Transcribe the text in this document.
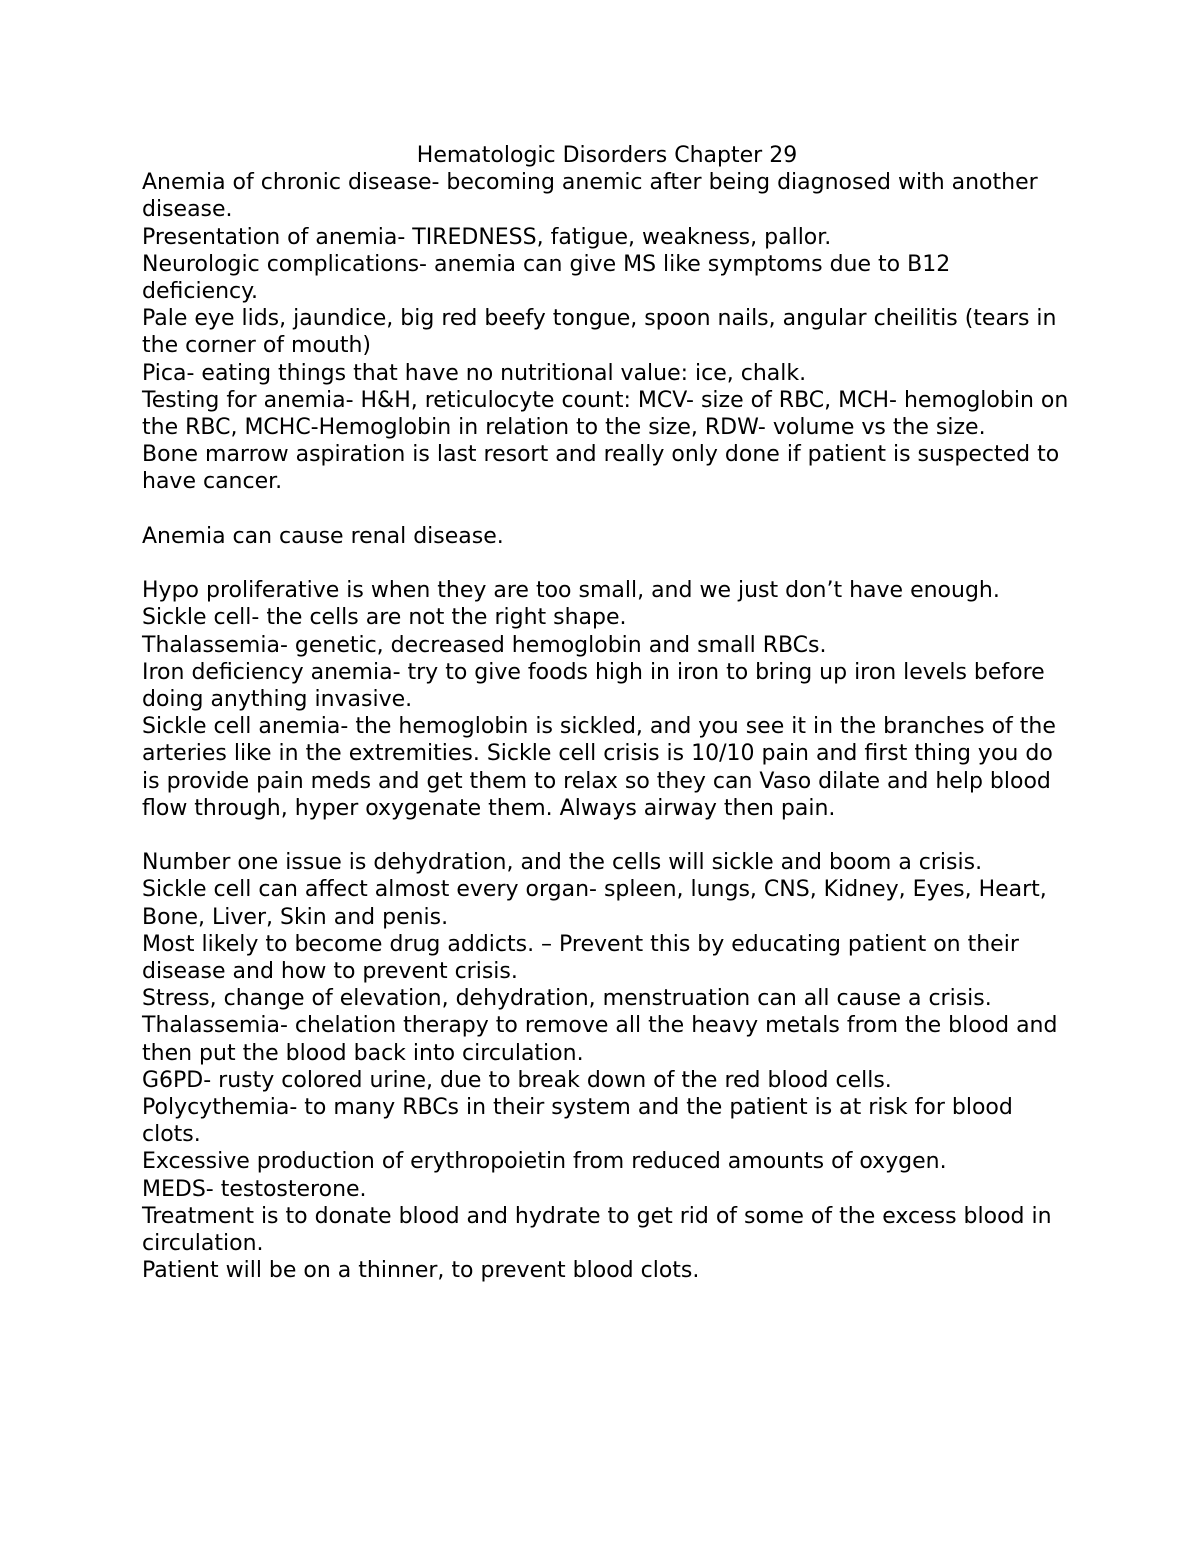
Hematologic Disorders Chapter 29

Anemia of chronic disease- becoming anemic after being diagnosed with another disease.

Presentation of anemia- TIREDNESS, fatigue, weakness, pallor.

Neurologic complications- anemia can give MS like symptoms due to B12 deficiency.

Pale eye lids, jaundice, big red beefy tongue, spoon nails, angular cheilitis (tears in the corner of mouth)

Pica- eating things that have no nutritional value: ice, chalk.

Testing for anemia- H&H, reticulocyte count: MCV- size of RBC, MCH- hemoglobin on the RBC, MCHC-Hemoglobin in relation to the size, RDW- volume vs the size.

Bone marrow aspiration is last resort and really only done if patient is suspected to have cancer.

Anemia can cause renal disease.

Hypo proliferative is when they are too small, and we just don’t have enough.

Sickle cell- the cells are not the right shape.

Thalassemia- genetic, decreased hemoglobin and small RBCs.

Iron deficiency anemia- try to give foods high in iron to bring up iron levels before doing anything invasive.

Sickle cell anemia- the hemoglobin is sickled, and you see it in the branches of the arteries like in the extremities. Sickle cell crisis is 10/10 pain and first thing you do is provide pain meds and get them to relax so they can Vaso dilate and help blood flow through, hyper oxygenate them. Always airway then pain.

Number one issue is dehydration, and the cells will sickle and boom a crisis.

Sickle cell can affect almost every organ- spleen, lungs, CNS, Kidney, Eyes, Heart, Bone, Liver, Skin and penis.

Most likely to become drug addicts. – Prevent this by educating patient on their disease and how to prevent crisis.

Stress, change of elevation, dehydration, menstruation can all cause a crisis.

Thalassemia- chelation therapy to remove all the heavy metals from the blood and then put the blood back into circulation.

G6PD- rusty colored urine, due to break down of the red blood cells.

Polycythemia- to many RBCs in their system and the patient is at risk for blood clots.

Excessive production of erythropoietin from reduced amounts of oxygen.

MEDS- testosterone.

Treatment is to donate blood and hydrate to get rid of some of the excess blood in circulation.

Patient will be on a thinner, to prevent blood clots.
